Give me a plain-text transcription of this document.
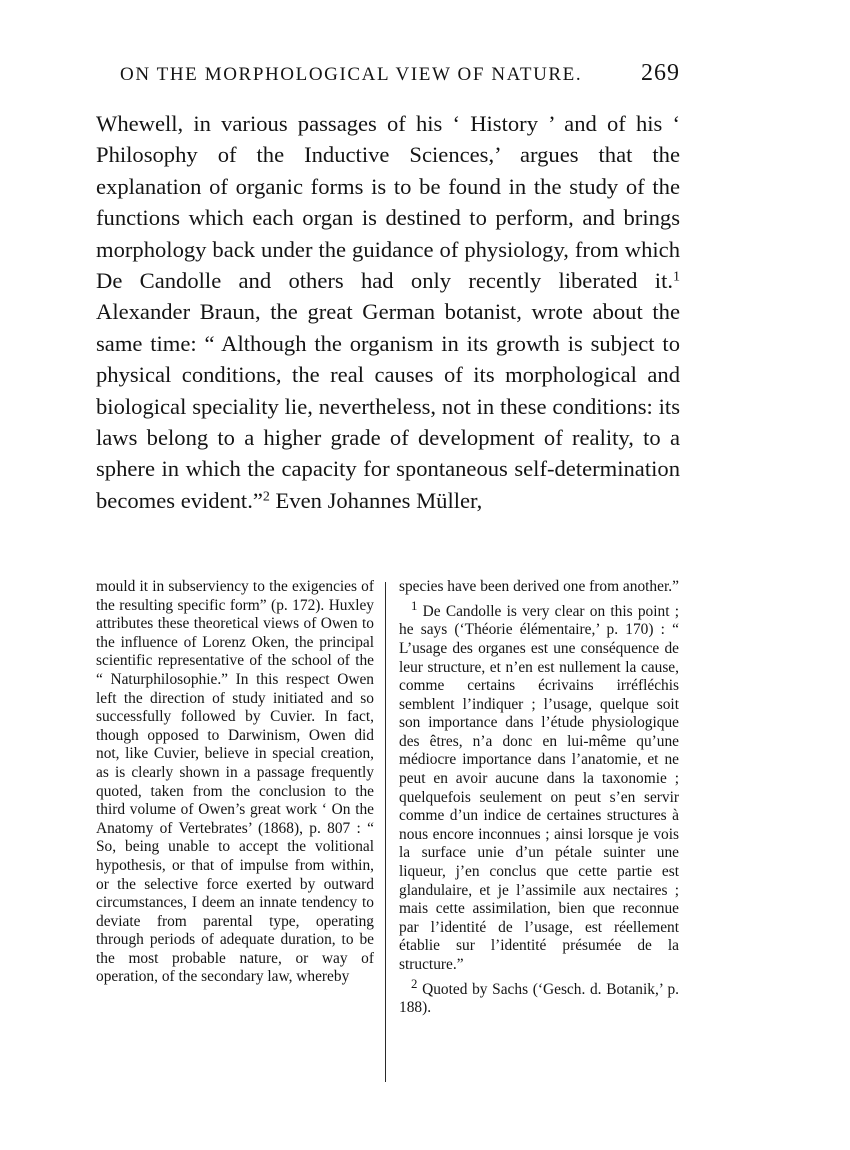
ON THE MORPHOLOGICAL VIEW OF NATURE. 269
Whewell, in various passages of his ‘ History ’ and of his ‘ Philosophy of the Inductive Sciences,’ argues that the explanation of organic forms is to be found in the study of the functions which each organ is destined to perform, and brings morphology back under the guidance of physiology, from which De Candolle and others had only recently liberated it.$^1$ Alexander Braun, the great German botanist, wrote about the same time: “ Although the organism in its growth is subject to physical conditions, the real causes of its morphological and biological speciality lie, nevertheless, not in these conditions: its laws belong to a higher grade of development of reality, to a sphere in which the capacity for spontaneous self-determination becomes evident.”$^2$ Even Johannes Müller,

mould it in subserviency to the exigencies of the resulting specific form” (p. 172). Huxley attributes these theoretical views of Owen to the influence of Lorenz Oken, the principal scientific representative of the school of the “ Naturphilosophie.” In this respect Owen left the direction of study initiated and so successfully followed by Cuvier. In fact, though opposed to Darwinism, Owen did not, like Cuvier, believe in special creation, as is clearly shown in a passage frequently quoted, taken from the conclusion to the third volume of Owen’s great work ‘ On the Anatomy of Vertebrates’ (1868), p. 807 : “ So, being unable to accept the volitional hypothesis, or that of impulse from within, or the selective force exerted by outward circumstances, I deem an innate tendency to deviate from parental type, operating through periods of adequate duration, to be the most probable nature, or way of operation, of the secondary law, whereby

species have been derived one from another.”

$^1$ De Candolle is very clear on this point ; he says (‘Théorie élémentaire,’ p. 170) : “ L’usage des organes est une conséquence de leur structure, et n’en est nullement la cause, comme certains écrivains irréfléchis semblent l’indiquer ; l’usage, quelque soit son importance dans l’étude physiologique des êtres, n’a donc en lui-même qu’une médiocre importance dans l’anatomie, et ne peut en avoir aucune dans la taxonomie ; quelquefois seulement on peut s’en servir comme d’un indice de certaines structures à nous encore inconnues ; ainsi lorsque je vois la surface unie d’un pétale suinter une liqueur, j’en conclus que cette partie est glandulaire, et je l’assimile aux nectaires ; mais cette assimilation, bien que reconnue par l’identité de l’usage, est réellement établie sur l’identité présumée de la structure.”

$^2$ Quoted by Sachs (‘Gesch. d. Botanik,’ p. 188).
